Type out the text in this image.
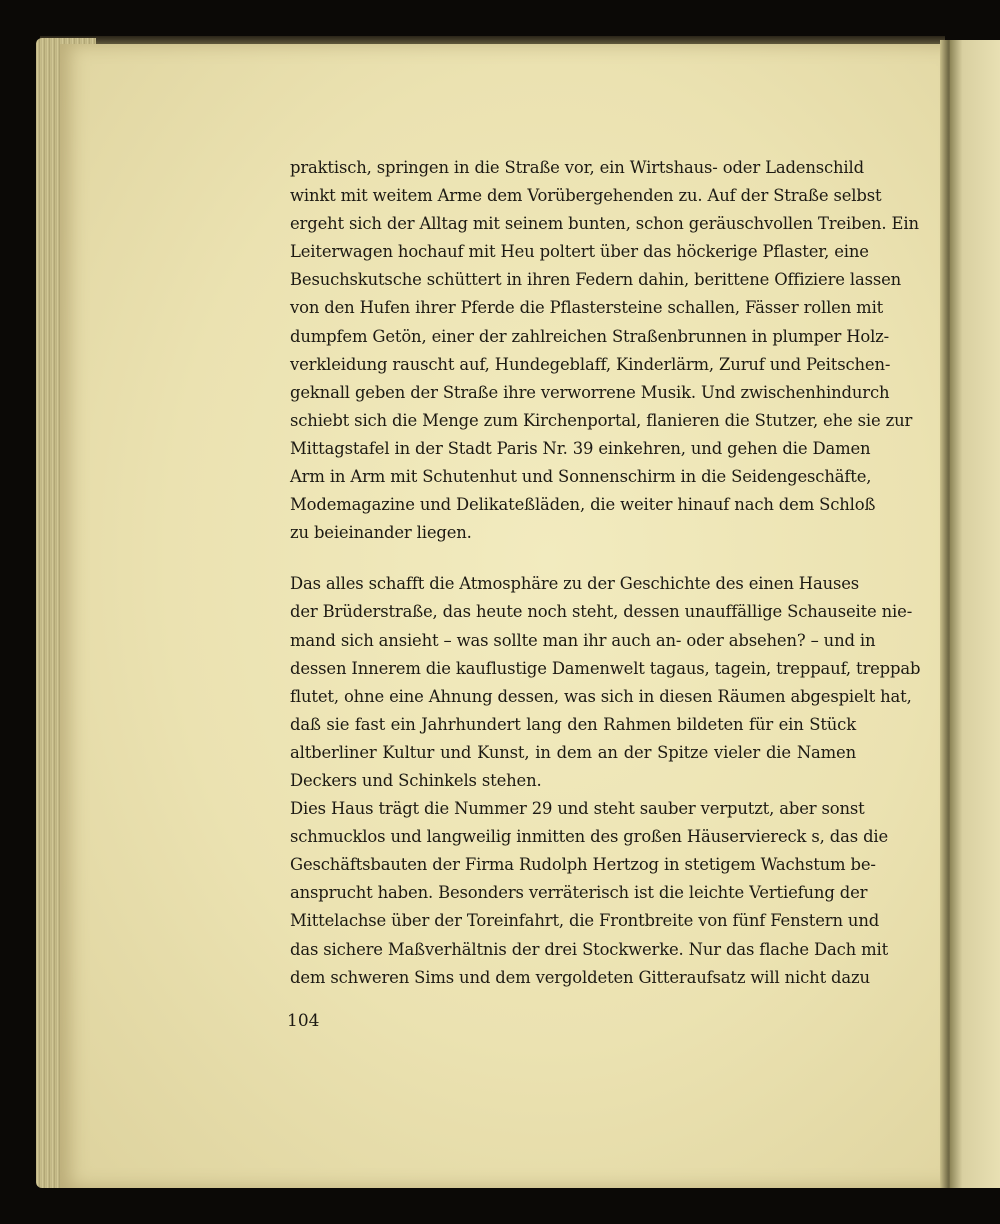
praktisch, springen in die Straße vor, ein Wirtshaus- oder Ladenschild
winkt mit weitem Arme dem Vorübergehenden zu. Auf der Straße selbst
ergeht sich der Alltag mit seinem bunten, schon geräuschvollen Treiben. Ein
Leiterwagen hochauf mit Heu poltert über das höckerige Pflaster, eine
Besuchskutsche schüttert in ihren Federn dahin, berittene Offiziere lassen
von den Hufen ihrer Pferde die Pflastersteine schallen, Fässer rollen mit
dumpfem Getön, einer der zahlreichen Straßenbrunnen in plumper Holz-
verkleidung rauscht auf, Hundegeblaff, Kinderlärm, Zuruf und Peitschen-
geknall geben der Straße ihre verworrene Musik. Und zwischenhindurch
schiebt sich die Menge zum Kirchenportal, flanieren die Stutzer, ehe sie zur
Mittagstafel in der Stadt Paris Nr. 39 einkehren, und gehen die Damen
Arm in Arm mit Schutenhut und Sonnenschirm in die Seidengeschäfte,
Modemagazine und Delikateßläden, die weiter hinauf nach dem Schloß
zu beieinander liegen.
Das alles schafft die Atmosphäre zu der Geschichte des einen Hauses
der Brüderstraße, das heute noch steht, dessen unauffällige Schauseite nie-
mand sich ansieht – was sollte man ihr auch an- oder absehen? – und in
dessen Innerem die kauflustige Damenwelt tagaus, tagein, treppauf, treppab
flutet, ohne eine Ahnung dessen, was sich in diesen Räumen abgespielt hat,
daß sie fast ein Jahrhundert lang den Rahmen bildeten für ein Stück
altberliner Kultur und Kunst, in dem an der Spitze vieler die Namen
Deckers und Schinkels stehen.
Dies Haus trägt die Nummer 29 und steht sauber verputzt, aber sonst
schmucklos und langweilig inmitten des großen Häuserviereck s, das die
Geschäftsbauten der Firma Rudolph Hertzog in stetigem Wachstum be-
ansprucht haben. Besonders verräterisch ist die leichte Vertiefung der
Mittelachse über der Toreinfahrt, die Frontbreite von fünf Fenstern und
das sichere Maßverhältnis der drei Stockwerke. Nur das flache Dach mit
dem schweren Sims und dem vergoldeten Gitteraufsatz will nicht dazu
104
